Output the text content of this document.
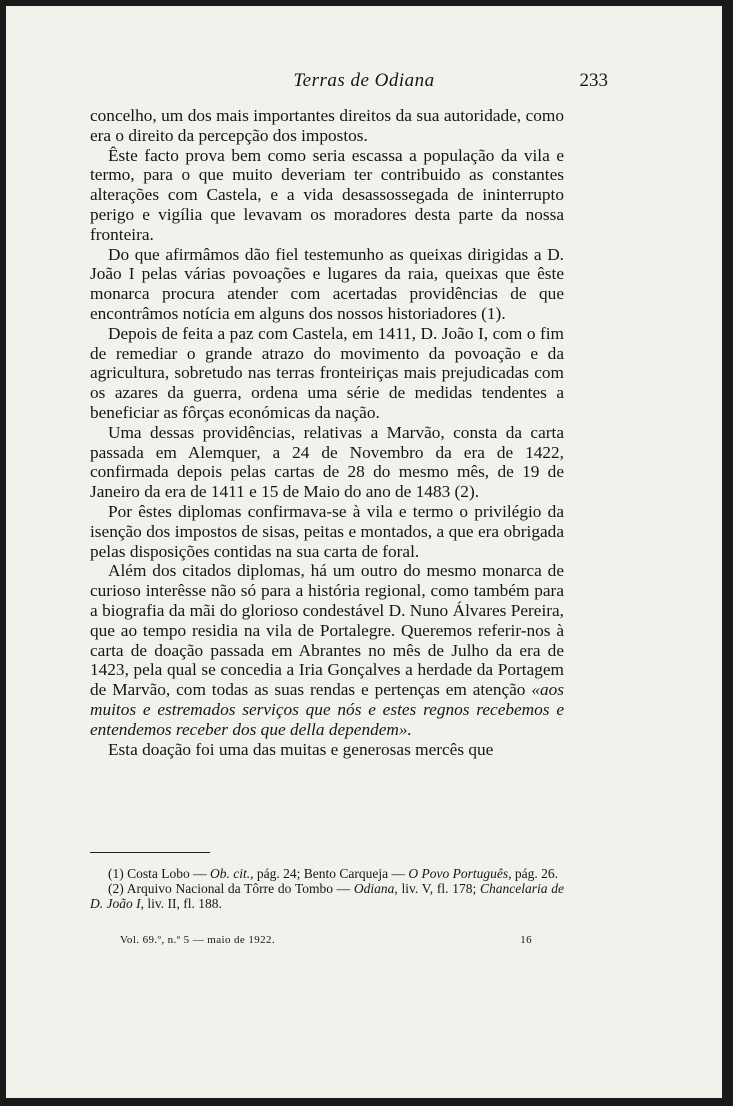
Terras de Odiana	233

concelho, um dos mais importantes direitos da sua autoridade, como era o direito da percepção dos impostos.

Êste facto prova bem como seria escassa a população da vila e termo, para o que muito deveriam ter contribuido as constantes alterações com Castela, e a vida desassossegada de ininterrupto perigo e vigília que levavam os moradores desta parte da nossa fronteira.

Do que afirmâmos dão fiel testemunho as queixas dirigidas a D. João I pelas várias povoações e lugares da raia, queixas que êste monarca procura atender com acertadas providências de que encontrâmos notícia em alguns dos nossos historiadores (1).

Depois de feita a paz com Castela, em 1411, D. João I, com o fim de remediar o grande atrazo do movimento da povoação e da agricultura, sobretudo nas terras fronteiriças mais prejudicadas com os azares da guerra, ordena uma série de medidas tendentes a beneficiar as fôrças económicas da nação.

Uma dessas providências, relativas a Marvão, consta da carta passada em Alemquer, a 24 de Novembro da era de 1422, confirmada depois pelas cartas de 28 do mesmo mês, de 19 de Janeiro da era de 1411 e 15 de Maio do ano de 1483 (2).

Por êstes diplomas confirmava-se à vila e termo o privilégio da isenção dos impostos de sisas, peitas e montados, a que era obrigada pelas disposições contidas na sua carta de foral.

Além dos citados diplomas, há um outro do mesmo monarca de curioso interêsse não só para a história regional, como também para a biografia da mãi do glorioso condestável D. Nuno Álvares Pereira, que ao tempo residia na vila de Portalegre. Queremos referir-nos à carta de doação passada em Abrantes no mês de Julho da era de 1423, pela qual se concedia a Iria Gonçalves a herdade da Portagem de Marvão, com todas as suas rendas e pertenças em atenção «aos muitos e estremados serviços que nós e estes regnos recebemos e entendemos receber dos que della dependem».

Esta doação foi uma das muitas e generosas mercês que

(1) Costa Lobo — Ob. cit., pág. 24; Bento Carqueja — O Povo Português, pág. 26.

(2) Arquivo Nacional da Tôrre do Tombo — Odiana, liv. V, fl. 178; Chancelaria de D. João I, liv. II, fl. 188.

Vol. 69.º, n.º 5 — maio de 1922.	16
